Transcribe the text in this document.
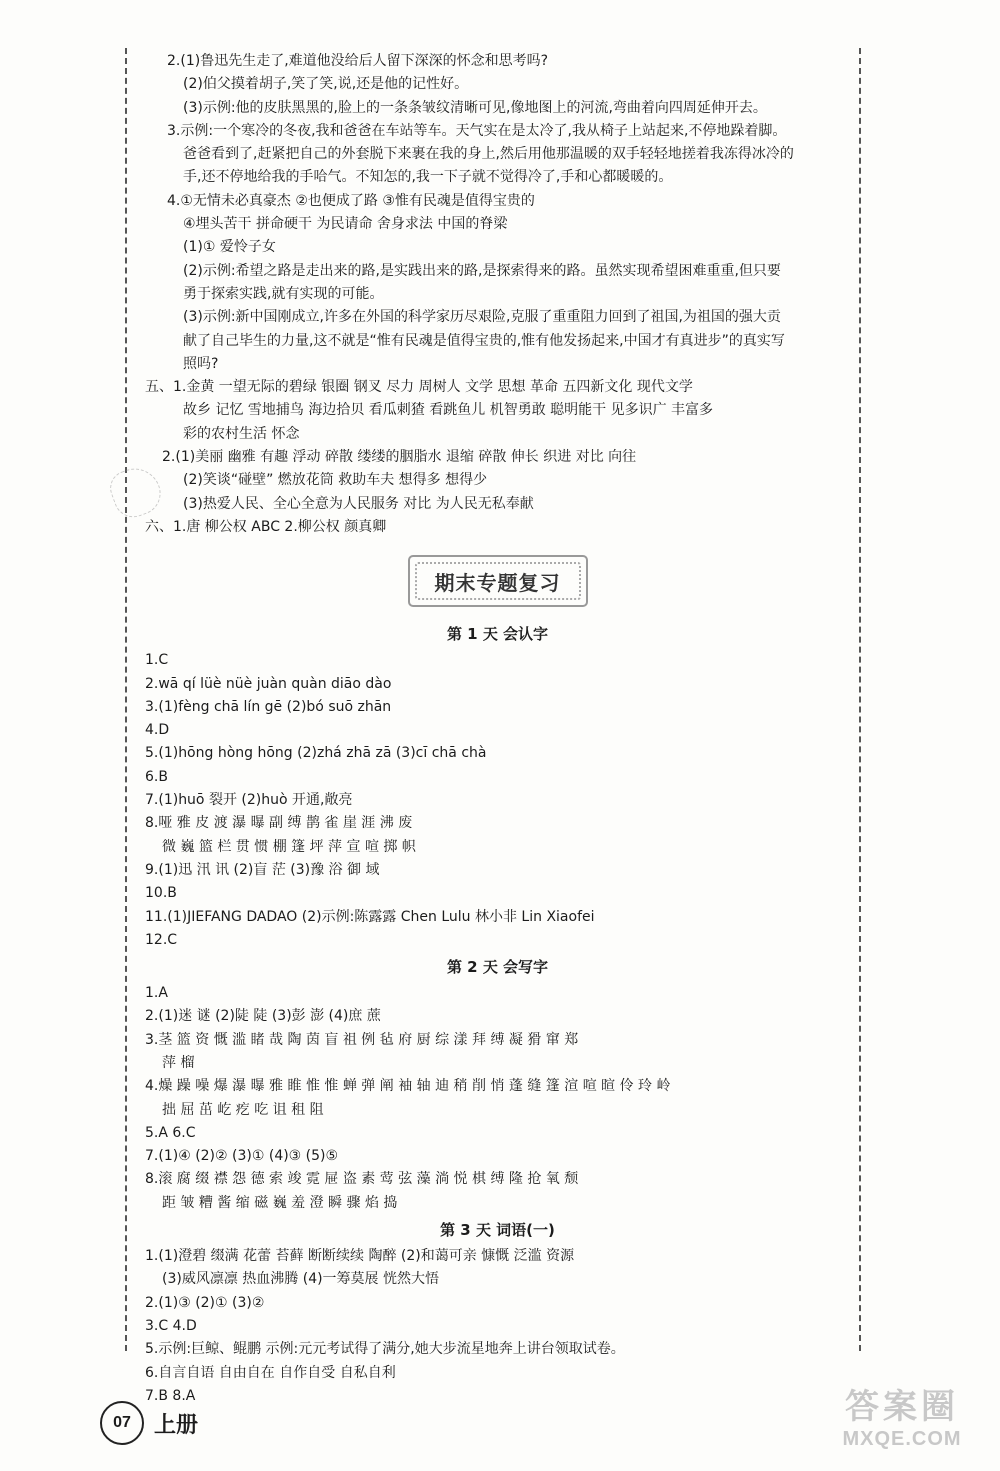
2.(1)鲁迅先生走了,难道他没给后人留下深深的怀念和思考吗?
(2)伯父摸着胡子,笑了笑,说,还是他的记性好。
(3)示例:他的皮肤黑黑的,脸上的一条条皱纹清晰可见,像地图上的河流,弯曲着向四周延伸开去。
3.示例:一个寒冷的冬夜,我和爸爸在车站等车。天气实在是太冷了,我从椅子上站起来,不停地跺着脚。
爸爸看到了,赶紧把自己的外套脱下来裹在我的身上,然后用他那温暖的双手轻轻地搓着我冻得冰冷的
手,还不停地给我的手哈气。不知怎的,我一下子就不觉得冷了,手和心都暖暖的。
4.①无情未必真豪杰 ②也便成了路 ③惟有民魂是值得宝贵的
④埋头苦干 拼命硬干 为民请命 舍身求法 中国的脊梁
(1)① 爱怜子女
(2)示例:希望之路是走出来的路,是实践出来的路,是探索得来的路。虽然实现希望困难重重,但只要
勇于探索实践,就有实现的可能。
(3)示例:新中国刚成立,许多在外国的科学家历尽艰险,克服了重重阻力回到了祖国,为祖国的强大贡
献了自己毕生的力量,这不就是“惟有民魂是值得宝贵的,惟有他发扬起来,中国才有真进步”的真实写
照吗?
五、1.金黄 一望无际的碧绿 银圈 钢叉 尽力 周树人 文学 思想 革命 五四新文化 现代文学
故乡 记忆 雪地捕鸟 海边拾贝 看瓜刺猹 看跳鱼儿 机智勇敢 聪明能干 见多识广 丰富多
彩的农村生活 怀念
2.(1)美丽 幽雅 有趣 浮动 碎散 缕缕的胭脂水 退缩 碎散 伸长 织进 对比 向往
(2)笑谈“碰壁” 燃放花筒 救助车夫 想得多 想得少
(3)热爱人民、全心全意为人民服务 对比 为人民无私奉献
六、1.唐 柳公权 ABC 2.柳公权 颜真卿
期末专题复习
第 1 天 会认字
1.C
2.wā qí lüè nüè juàn quàn diāo dào
3.(1)fèng chā lín gē (2)bó suō zhān
4.D
5.(1)hōng hòng hōng (2)zhá zhā zā (3)cī chā chà
6.B
7.(1)huō 裂开 (2)huò 开通,敞亮
8.哑 雅 皮 渡 瀑 曝 副 缚 鹊 雀 崖 涯 沸 废
微 巍 篮 栏 贯 惯 棚 篷 坪 萍 宣 喧 掷 帜
9.(1)迅 汛 讯 (2)盲 茫 (3)豫 浴 御 域
10.B
11.(1)JIEFANG DADAO (2)示例:陈露露 Chen Lulu 林小非 Lin Xiaofei
12.C
第 2 天 会写字
1.A
2.(1)迷 谜 (2)陡 陡 (3)彭 澎 (4)庶 蔗
3.茎 篮 资 慨 滥 睹 哉 陶 茵 盲 祖 例 毡 府 厨 综 漾 拜 缚 凝 猾 窜 郑
萍 榴
4.燥 躁 噪 爆 瀑 曝 雅 睢 惟 惟 蝉 弹 阐 袖 轴 迪 稍 削 悄 蓬 缝 篷 渲 喧 暄 伶 玲 岭
拙 屈 茁 屹 疙 吃 诅 租 阻
5.A 6.C
7.(1)④ (2)② (3)① (4)③ (5)⑤
8.滚 腐 缀 襟 怨 德 索 竣 霓 屉 盗 素 莺 弦 藻 淌 悦 棋 缚 隆 抢 氧 颓
距 皱 糟 酱 缩 磁 巍 羞 澄 瞬 骤 焰 捣
第 3 天 词语(一)
1.(1)澄碧 缀满 花蕾 苔藓 断断续续 陶醉 (2)和蔼可亲 慷慨 泛滥 资源
(3)威风凛凛 热血沸腾 (4)一筹莫展 恍然大悟
2.(1)③ (2)① (3)②
3.C 4.D
5.示例:巨鲸、鲲鹏 示例:元元考试得了满分,她大步流星地奔上讲台领取试卷。
6.自言自语 自由自在 自作自受 自私自利
7.B 8.A
07	上册	答案圈
MXQE.COM
